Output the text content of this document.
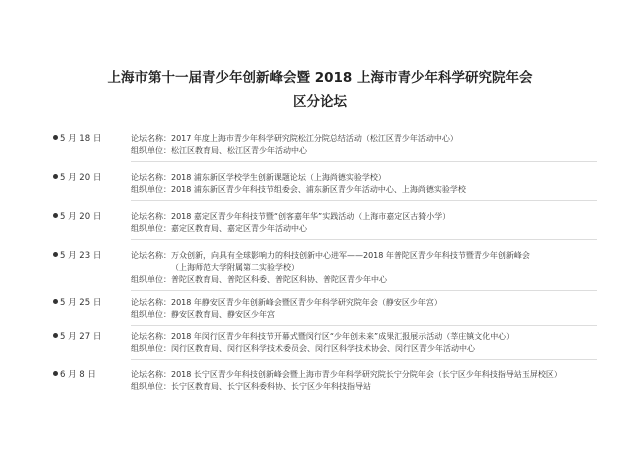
上海市第十一届青少年创新峰会暨 2018 上海市青少年科学研究院年会
区分论坛
5 月 18 日	论坛名称：2017 年度上海市青少年科学研究院松江分院总结活动（松江区青少年活动中心）
组织单位：松江区教育局、松江区青少年活动中心
5 月 20 日	论坛名称：2018 浦东新区学校学生创新课题论坛（上海尚德实验学校）
组织单位：2018 浦东新区青少年科技节组委会、浦东新区青少年活动中心、上海尚德实验学校
5 月 20 日	论坛名称：2018 嘉定区青少年科技节暨“创客嘉年华”实践活动（上海市嘉定区古猗小学）
组织单位：嘉定区教育局、嘉定区青少年活动中心
5 月 23 日	论坛名称：万众创新，向具有全球影响力的科技创新中心进军——2018 年普陀区青少年科技节暨青少年创新峰会
（上海师范大学附属第二实验学校）
组织单位：普陀区教育局、普陀区科委、普陀区科协、普陀区青少年中心
5 月 25 日	论坛名称：2018 年静安区青少年创新峰会暨区青少年科学研究院年会（静安区少年宫）
组织单位：静安区教育局、静安区少年宫
5 月 27 日	论坛名称：2018 年闵行区青少年科技节开幕式暨闵行区“少年创未来”成果汇报展示活动（莘庄镇文化中心）
组织单位：闵行区教育局、闵行区科学技术委员会、闵行区科学技术协会、闵行区青少年活动中心
6 月 8 日	论坛名称：2018 长宁区青少年科技创新峰会暨上海市青少年科学研究院长宁分院年会（长宁区少年科技指导站玉屏校区）
组织单位：长宁区教育局、长宁区科委科协、长宁区少年科技指导站
